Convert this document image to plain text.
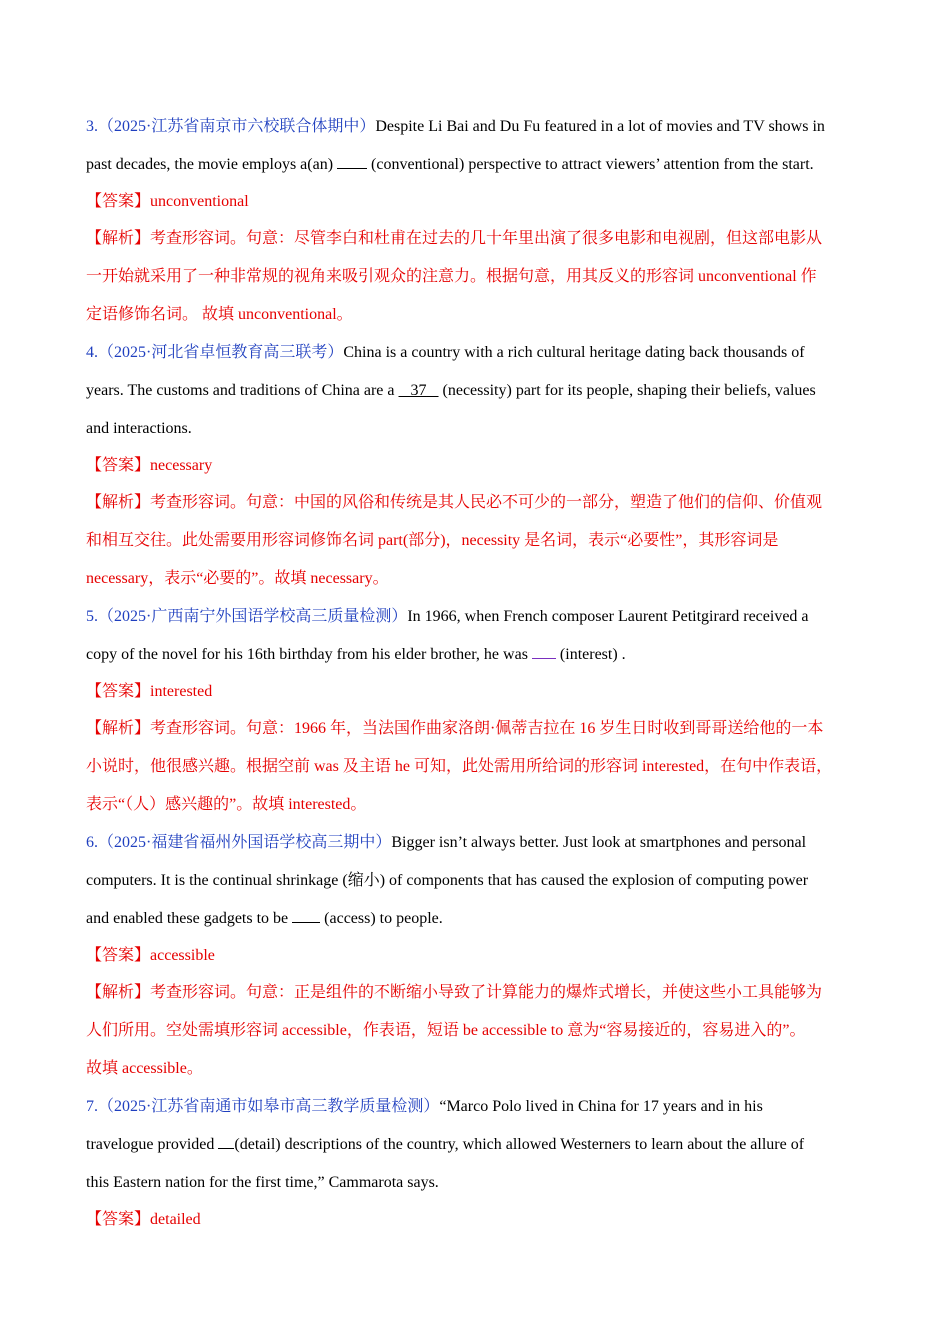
3.（2025·江苏省南京市六校联合体期中）Despite Li Bai and Du Fu featured in a lot of movies and TV shows in
past decades, the movie employs a(an) (conventional) perspective to attract viewers’ attention from the start.
【答案】unconventional
【解析】考查形容词。句意：尽管李白和杜甫在过去的几十年里出演了很多电影和电视剧，但这部电影从
一开始就采用了一种非常规的视角来吸引观众的注意力。根据句意，用其反义的形容词 unconventional 作
定语修饰名词。 故填 unconventional。
4.（2025·河北省卓恒教育高三联考）China is a country with a rich cultural heritage dating back thousands of
years. The customs and traditions of China are a 37 (necessity) part for its people, shaping their beliefs, values
and interactions.
【答案】necessary
【解析】考查形容词。句意：中国的风俗和传统是其人民必不可少的一部分，塑造了他们的信仰、价值观
和相互交往。此处需要用形容词修饰名词 part(部分)，necessity 是名词，表示“必要性”，其形容词是
necessary，表示“必要的”。故填 necessary。
5.（2025·广西南宁外国语学校高三质量检测）In 1966, when French composer Laurent Petitgirard received a
copy of the novel for his 16th birthday from his elder brother, he was (interest) .
【答案】interested
【解析】考查形容词。句意：1966 年，当法国作曲家洛朗·佩蒂吉拉在 16 岁生日时收到哥哥送给他的一本
小说时，他很感兴趣。根据空前 was 及主语 he 可知，此处需用所给词的形容词 interested，在句中作表语，
表示“（人）感兴趣的”。故填 interested。
6.（2025·福建省福州外国语学校高三期中）Bigger isn’t always better. Just look at smartphones and personal
computers. It is the continual shrinkage (缩小) of components that has caused the explosion of computing power
and enabled these gadgets to be (access) to people.
【答案】accessible
【解析】考查形容词。句意：正是组件的不断缩小导致了计算能力的爆炸式增长，并使这些小工具能够为
人们所用。空处需填形容词 accessible，作表语，短语 be accessible to 意为“容易接近的，容易进入的”。
故填 accessible。
7.（2025·江苏省南通市如皋市高三教学质量检测）“Marco Polo lived in China for 17 years and in his
travelogue provided (detail) descriptions of the country, which allowed Westerners to learn about the allure of
this Eastern nation for the first time,” Cammarota says.
【答案】detailed
